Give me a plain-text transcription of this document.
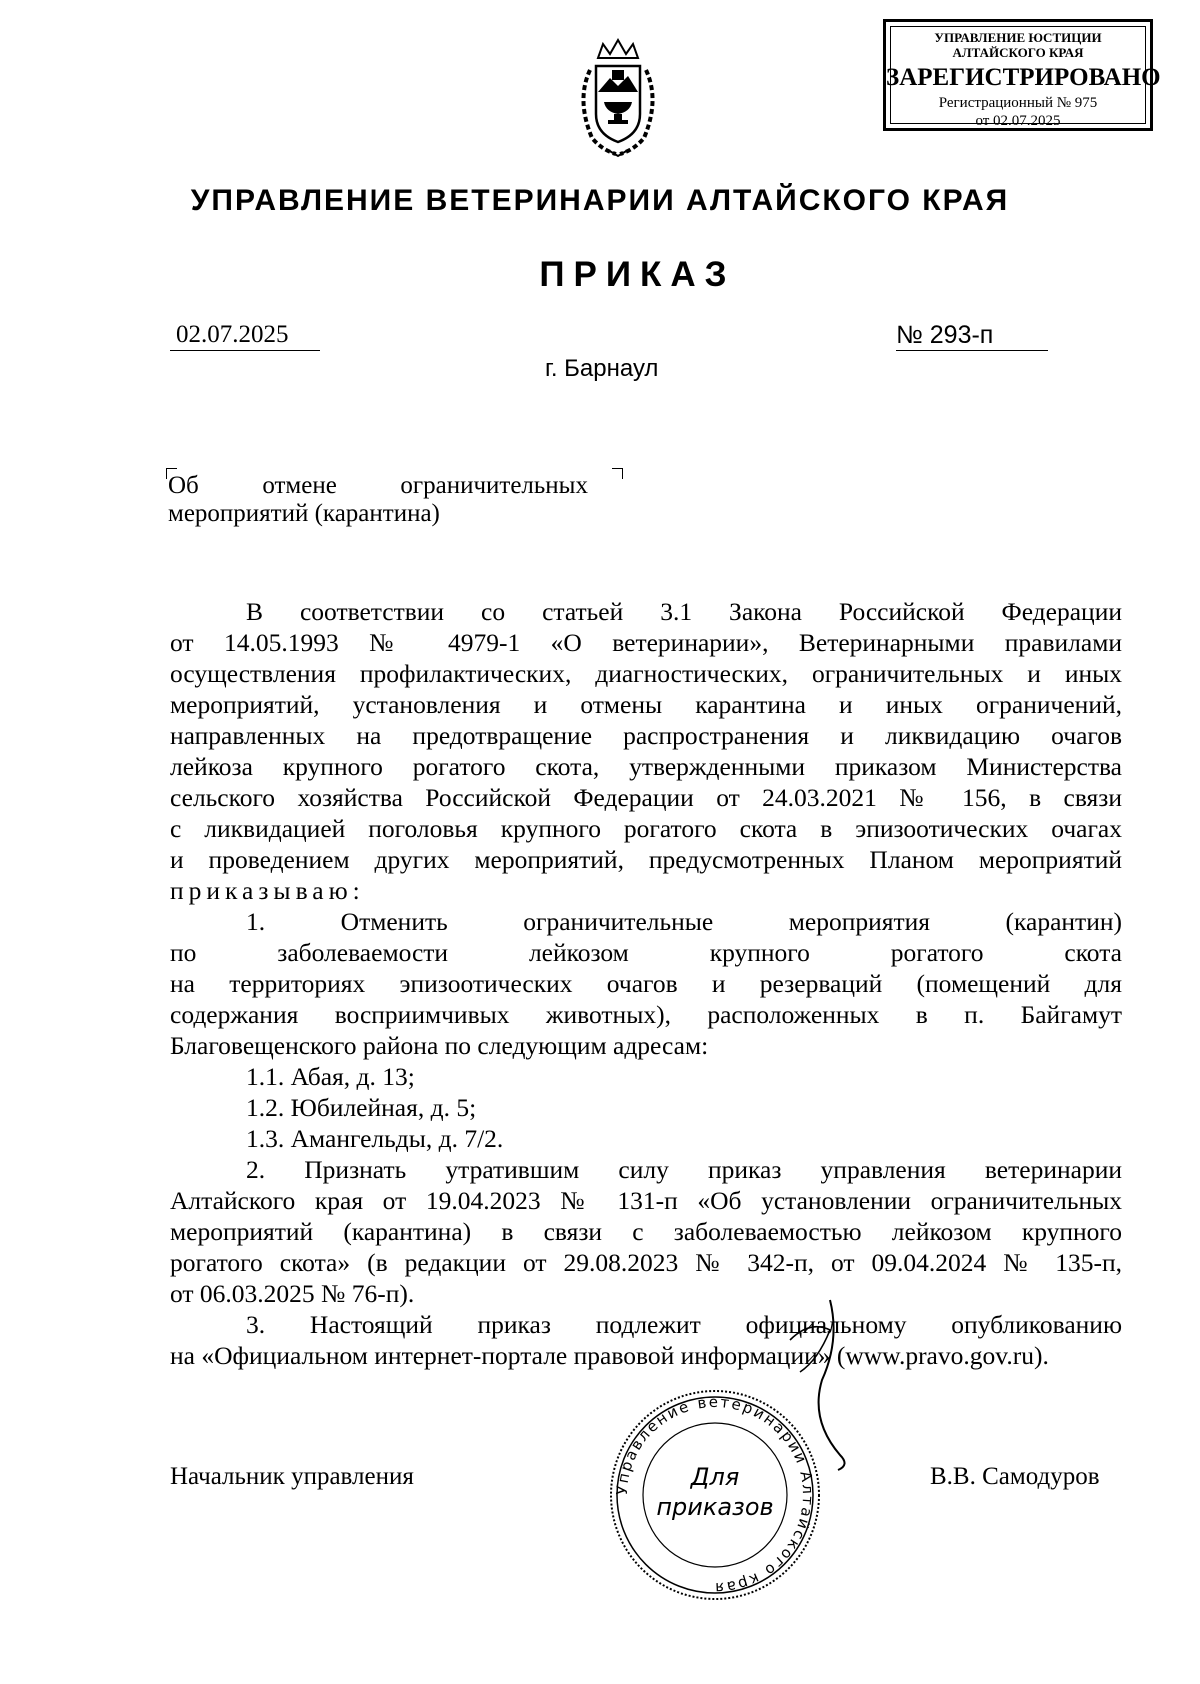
УПРАВЛЕНИЕ ЮСТИЦИИ
АЛТАЙСКОГО КРАЯ
ЗАРЕГИСТРИРОВАНО
Регистрационный № 975
от 02.07.2025
УПРАВЛЕНИЕ ВЕТЕРИНАРИИ АЛТАЙСКОГО КРАЯ
ПРИКАЗ
02.07.2025	№ 293-п
г. Барнаул
Об	отмене	ограничительных
мероприятий (карантина)

В соответствии со статьей 3.1 Закона Российской Федерации

от 14.05.1993 № 4979-1 «О ветеринарии», Ветеринарными правилами

осуществления профилактических, диагностических, ограничительных и иных

мероприятий, установления и отмены карантина и иных ограничений,

направленных на предотвращение распространения и ликвидацию очагов

лейкоза крупного рогатого скота, утвержденными приказом Министерства

сельского хозяйства Российской Федерации от 24.03.2021 № 156, в связи

с ликвидацией поголовья крупного рогатого скота в эпизоотических очагах

и проведением других мероприятий, предусмотренных Планом мероприятий

приказываю:

1. Отменить ограничительные мероприятия (карантин)

по заболеваемости лейкозом крупного рогатого скота

на территориях эпизоотических очагов и резерваций (помещений для

содержания восприимчивых животных), расположенных в п. Байгамут

Благовещенского района по следующим адресам:

1.1. Абая, д. 13;

1.2. Юбилейная, д. 5;

1.3. Амангельды, д. 7/2.

2. Признать утратившим силу приказ управления ветеринарии

Алтайского края от 19.04.2023 № 131-п «Об установлении ограничительных

мероприятий (карантина) в связи с заболеваемостью лейкозом крупного

рогатого скота» (в редакции от 29.08.2023 № 342-п, от 09.04.2024 № 135-п,

от 06.03.2025 № 76-п).

3. Настоящий приказ подлежит официальному опубликованию

на «Официальном интернет-портале правовой информации» (www.pravo.gov.ru).

Управление ветеринарии Алтайского края
Для
приказов
Начальник управления	В.В. Самодуров
